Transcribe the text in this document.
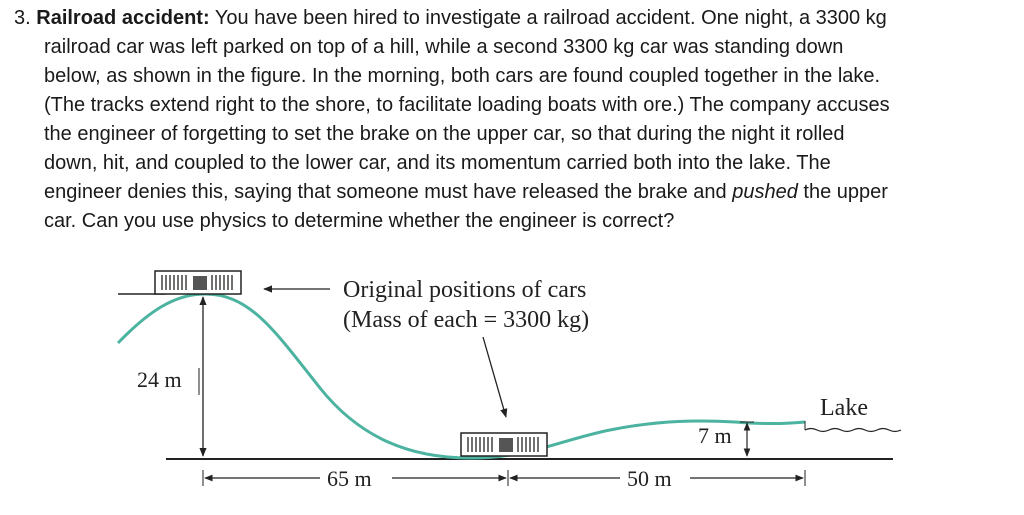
3. Railroad accident: You have been hired to investigate a railroad accident. One night, a 3300 kg
railroad car was left parked on top of a hill, while a second 3300 kg car was standing down
below, as shown in the figure. In the morning, both cars are found coupled together in the lake.
(The tracks extend right to the shore, to facilitate loading boats with ore.) The company accuses
the engineer of forgetting to set the brake on the upper car, so that during the night it rolled
down, hit, and coupled to the lower car, and its momentum carried both into the lake. The
engineer denies this, saying that someone must have released the brake and pushed the upper
car. Can you use physics to determine whether the engineer is correct?
Original positions of cars
(Mass of each = 3300 kg)
24 m
65 m	50 m
7 m
Lake
